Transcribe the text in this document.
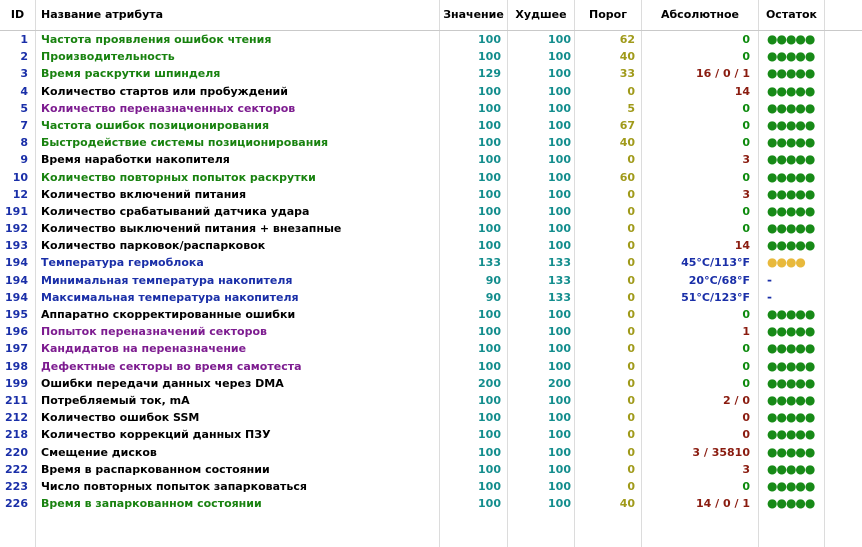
ID	Название атрибута	Значение	Худшее	Порог	Абсолютное	Остаток
1	Частота проявления ошибок чтения	100	100	62	0	●●●●●
2	Производительность	100	100	40	0	●●●●●
3	Время раскрутки шпинделя	129	100	33	16 / 0 / 1	●●●●●
4	Количество стартов или пробуждений	100	100	0	14	●●●●●
5	Количество переназначенных секторов	100	100	5	0	●●●●●
7	Частота ошибок позиционирования	100	100	67	0	●●●●●
8	Быстродействие системы позиционирования	100	100	40	0	●●●●●
9	Время наработки накопителя	100	100	0	3	●●●●●
10	Количество повторных попыток раскрутки	100	100	60	0	●●●●●
12	Количество включений питания	100	100	0	3	●●●●●
191	Количество срабатываний датчика удара	100	100	0	0	●●●●●
192	Количество выключений питания + внезапные	100	100	0	0	●●●●●
193	Количество парковок/распарковок	100	100	0	14	●●●●●
194	Температура гермоблока	133	133	0	45°C/113°F	●●●●
194	Минимальная температура накопителя	90	133	0	20°C/68°F	-
194	Максимальная температура накопителя	90	133	0	51°C/123°F	-
195	Аппаратно скорректированные ошибки	100	100	0	0	●●●●●
196	Попыток переназначений секторов	100	100	0	1	●●●●●
197	Кандидатов на переназначение	100	100	0	0	●●●●●
198	Дефектные секторы во время самотеста	100	100	0	0	●●●●●
199	Ошибки передачи данных через DMA	200	200	0	0	●●●●●
211	Потребляемый ток, mA	100	100	0	2 / 0	●●●●●
212	Количество ошибок SSM	100	100	0	0	●●●●●
218	Количество коррекций данных ПЗУ	100	100	0	0	●●●●●
220	Смещение дисков	100	100	0	3 / 35810	●●●●●
222	Время в распаркованном состоянии	100	100	0	3	●●●●●
223	Число повторных попыток запарковаться	100	100	0	0	●●●●●
226	Время в запаркованном состоянии	100	100	40	14 / 0 / 1	●●●●●
